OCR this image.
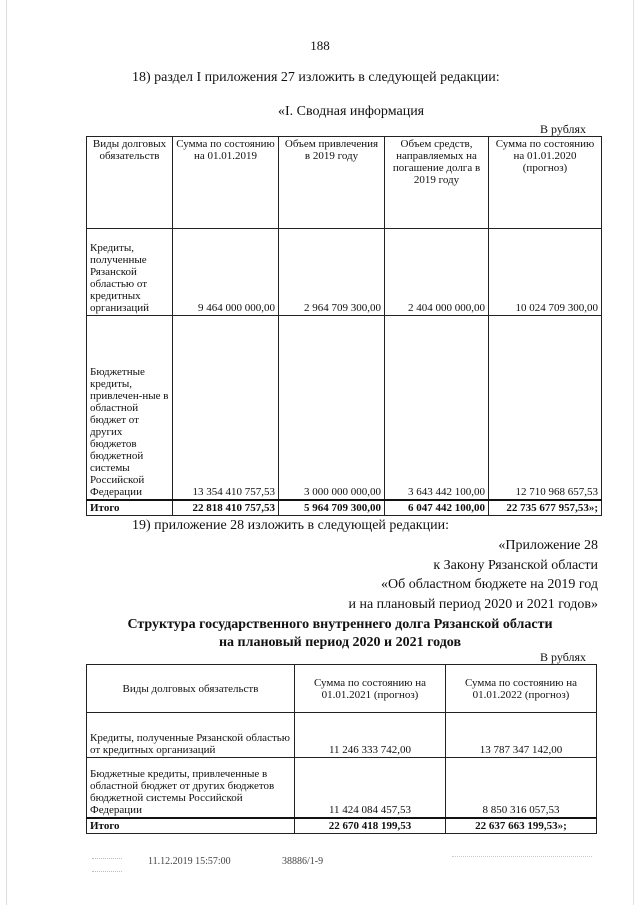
188
18) раздел I приложения 27 изложить в следующей редакции:
«I. Сводная информация
В рублях
Виды долговых обязательств	Сумма по состоянию на 01.01.2019	Объем привлечения в 2019 году	Объем средств, направляемых на погашение долга в 2019 году	Сумма по состоянию на 01.01.2020 (прогноз)
Кредиты, полученные Рязанской областью от кредитных организаций	9 464 000 000,00	2 964 709 300,00	2 404 000 000,00	10 024 709 300,00
Бюджетные кредиты, привлечен-ные в областной бюджет от других бюджетов бюджетной системы Российской Федерации	13 354 410 757,53	3 000 000 000,00	3 643 442 100,00	12 710 968 657,53
Итого	22 818 410 757,53	5 964 709 300,00	6 047 442 100,00	22 735 677 957,53»;
19) приложение 28 изложить в следующей редакции:
«Приложение 28
к Закону Рязанской области
«Об областном бюджете на 2019 год
и на плановый период 2020 и 2021 годов»
Структура государственного внутреннего долга Рязанской области
на плановый период 2020 и 2021 годов
В рублях
Виды долговых обязательств	Сумма по состоянию на 01.01.2021 (прогноз)	Сумма по состоянию на 01.01.2022 (прогноз)
Кредиты, полученные Рязанской областью от кредитных организаций	11 246 333 742,00	13 787 347 142,00
Бюджетные кредиты, привлеченные в областной бюджет от других бюджетов бюджетной системы Российской Федерации	11 424 084 457,53	8 850 316 057,53
Итого	22 670 418 199,53	22 637 663 199,53»;
11.12.2019 15:57:00	38886/1-9
